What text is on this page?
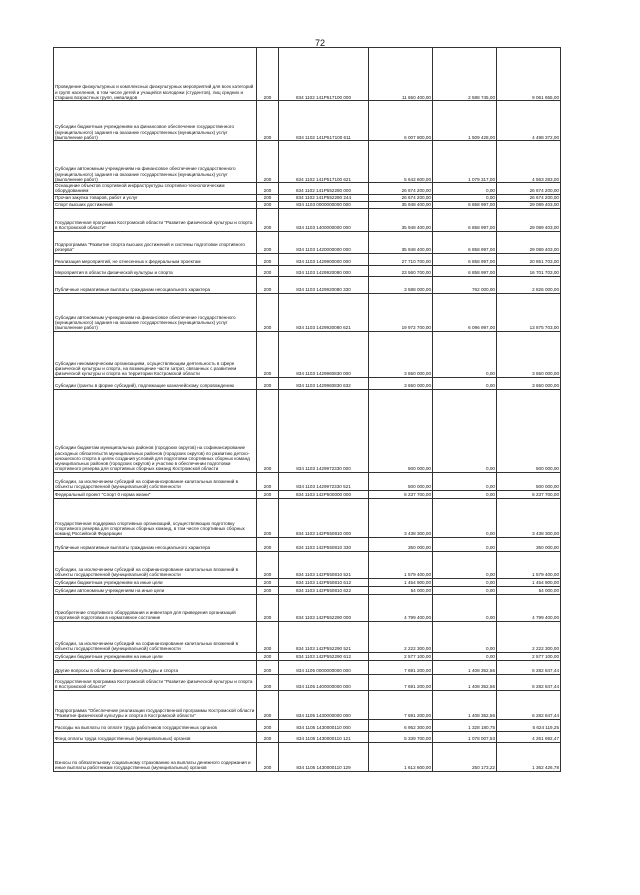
72
Проведение физкультурных и комплексных физкультурных мероприятий для всех категорий и групп населения, в том числе детей и учащейся молодежи (студентов), лиц средних и старших возрастных групп, инвалидов	200	834 1102 141P517100 000	11 650 400,00	2 588 745,00	9 061 655,00
Субсидии бюджетным учреждениям на финансовое обеспечение государственного (муниципального) задания на оказание государственных (муниципальных) услуг (выполнение работ)	200	834 1102 141P517100 611	6 007 800,00	1 509 428,00	4 498 372,00
Субсидии автономным учреждениям на финансовое обеспечение государственного (муниципального) задания на оказание государственных (муниципальных) услуг (выполнение работ)	200	834 1102 141P517100 621	5 642 600,00	1 079 317,00	4 563 283,00
Оснащение объектов спортивной инфраструктуры спортивно-технологическим оборудованием	200	834 1102 141P552280 000	26 674 200,00	0,00	26 674 200,00
Прочая закупка товаров, работ и услуг	200	834 1102 141P552280 244	26 674 200,00	0,00	26 674 200,00
Спорт высших достижений	200	834 1103 0000000000 000	35 948 400,00	6 858 997,00	29 089 403,00
Государственная программа Костромской области "Развитие физической культуры и спорта в Костромской области"	200	834 1103 1400000000 000	35 948 400,00	6 858 997,00	29 089 403,00
Подпрограмма "Развитие спорта высших достижений и системы подготовки спортивного резерва"	200	834 1103 1420000000 000	35 948 400,00	6 858 997,00	29 089 403,00
Реализация мероприятий, не отнесенных к федеральным проектам	200	834 1103 1429900000 000	27 710 700,00	6 858 997,00	20 851 703,00
Мероприятия в области физической культуры и спорта	200	834 1103 1429920080 000	23 560 700,00	6 858 997,00	16 701 703,00
Публичные нормативные выплаты гражданам несоциального характера	200	834 1103 1429920080 330	3 588 000,00	762 000,00	2 826 000,00
Субсидии автономным учреждениям на финансовое обеспечение государственного (муниципального) задания на оказание государственных (муниципальных) услуг (выполнение работ)	200	834 1103 1429920080 621	19 972 700,00	6 096 997,00	13 875 703,00
Субсидии некоммерческим организациям, осуществляющим деятельность в сфере физической культуры и спорта, на возмещение части затрат, связанных с развитием физической культуры и спорта на территории Костромской области	200	834 1103 1429960830 000	3 650 000,00	0,00	3 650 000,00
Субсидии (гранты в форме субсидий), подлежащие казначейскому сопровождению	200	834 1103 1429960830 632	3 650 000,00	0,00	3 650 000,00
Субсидии бюджетам муниципальных районов (городских округов) на софинансирование расходных обязательств муниципальных районов (городских округов) по развитию детско-юношеского спорта в целях создания условий для подготовки спортивных сборных команд муниципальных районов (городских округов) и участию в обеспечении подготовки спортивного резерва для спортивных сборных команд Костромской области	200	834 1103 1429972330 000	500 000,00	0,00	500 000,00
Субсидии, за исключением субсидий на софинансирование капитальных вложений в объекты государственной (муниципальной) собственности	200	834 1103 1429972330 521	500 000,00	0,00	500 000,00
Федеральный проект "Спорт 0 норма жизни"	200	834 1103 142P500000 000	8 237 700,00	0,00	8 237 700,00
Государственная поддержка спортивных организаций, осуществляющих подготовку спортивного резерва для спортивных сборных команд, в том числе спортивных сборных команд Российской Федерации	200	834 1103 142P550810 000	3 438 300,00	0,00	3 438 300,00
Публичные нормативные выплаты гражданам несоциального характера	200	834 1103 142P550810 330	350 000,00	0,00	350 000,00
Субсидии, за исключением субсидий на софинансирование капитальных вложений в объекты государственной (муниципальной) собственности	200	834 1103 142P550810 521	1 579 400,00	0,00	1 579 400,00
Субсидии бюджетным учреждениям на иные цели	200	834 1103 142P550810 612	1 454 900,00	0,00	1 454 900,00
Субсидии автономным учреждениям на иные цели	200	834 1103 142P550810 622	54 000,00	0,00	54 000,00
Приобретение спортивного оборудования и инвентаря для приведения организаций спортивной подготовки в нормативное состояние	200	834 1103 142P552290 000	4 799 400,00	0,00	4 799 400,00
Субсидии, за исключением субсидий на софинансирование капитальных вложений в объекты государственной (муниципальной) собственности	200	834 1103 142P552290 521	2 222 300,00	0,00	2 222 300,00
Субсидии бюджетным учреждениям на иные цели	200	834 1103 142P552290 612	2 577 100,00	0,00	2 577 100,00
Другие вопросы в области физической культуры и спорта	200	834 1105 0000000000 000	7 691 200,00	1 408 352,56	6 282 847,44
Государственная программа Костромской области "Развитие физической культуры и спорта в Костромской области"	200	834 1105 1400000000 000	7 691 200,00	1 408 352,56	6 282 847,44
Подпрограмма "Обеспечение реализации государственной программы Костромской области "Развитие физической культуры и спорта в Костромской области"	200	834 1105 1430000000 000	7 691 200,00	1 408 352,56	6 282 847,44
Расходы на выплаты по оплате труда работников государственных органов	200	834 1105 1430000110 000	6 952 300,00	1 328 180,75	5 624 119,25
Фонд оплаты труда государственных (муниципальных) органов	200	834 1105 1430000110 121	5 339 700,00	1 078 007,53	4 261 692,47
Взносы по обязательному социальному страхованию на выплаты денежного содержания и иные выплаты работникам государственных (муниципальных) органов	200	834 1105 1430000110 129	1 612 600,00	250 173,22	1 362 426,78
